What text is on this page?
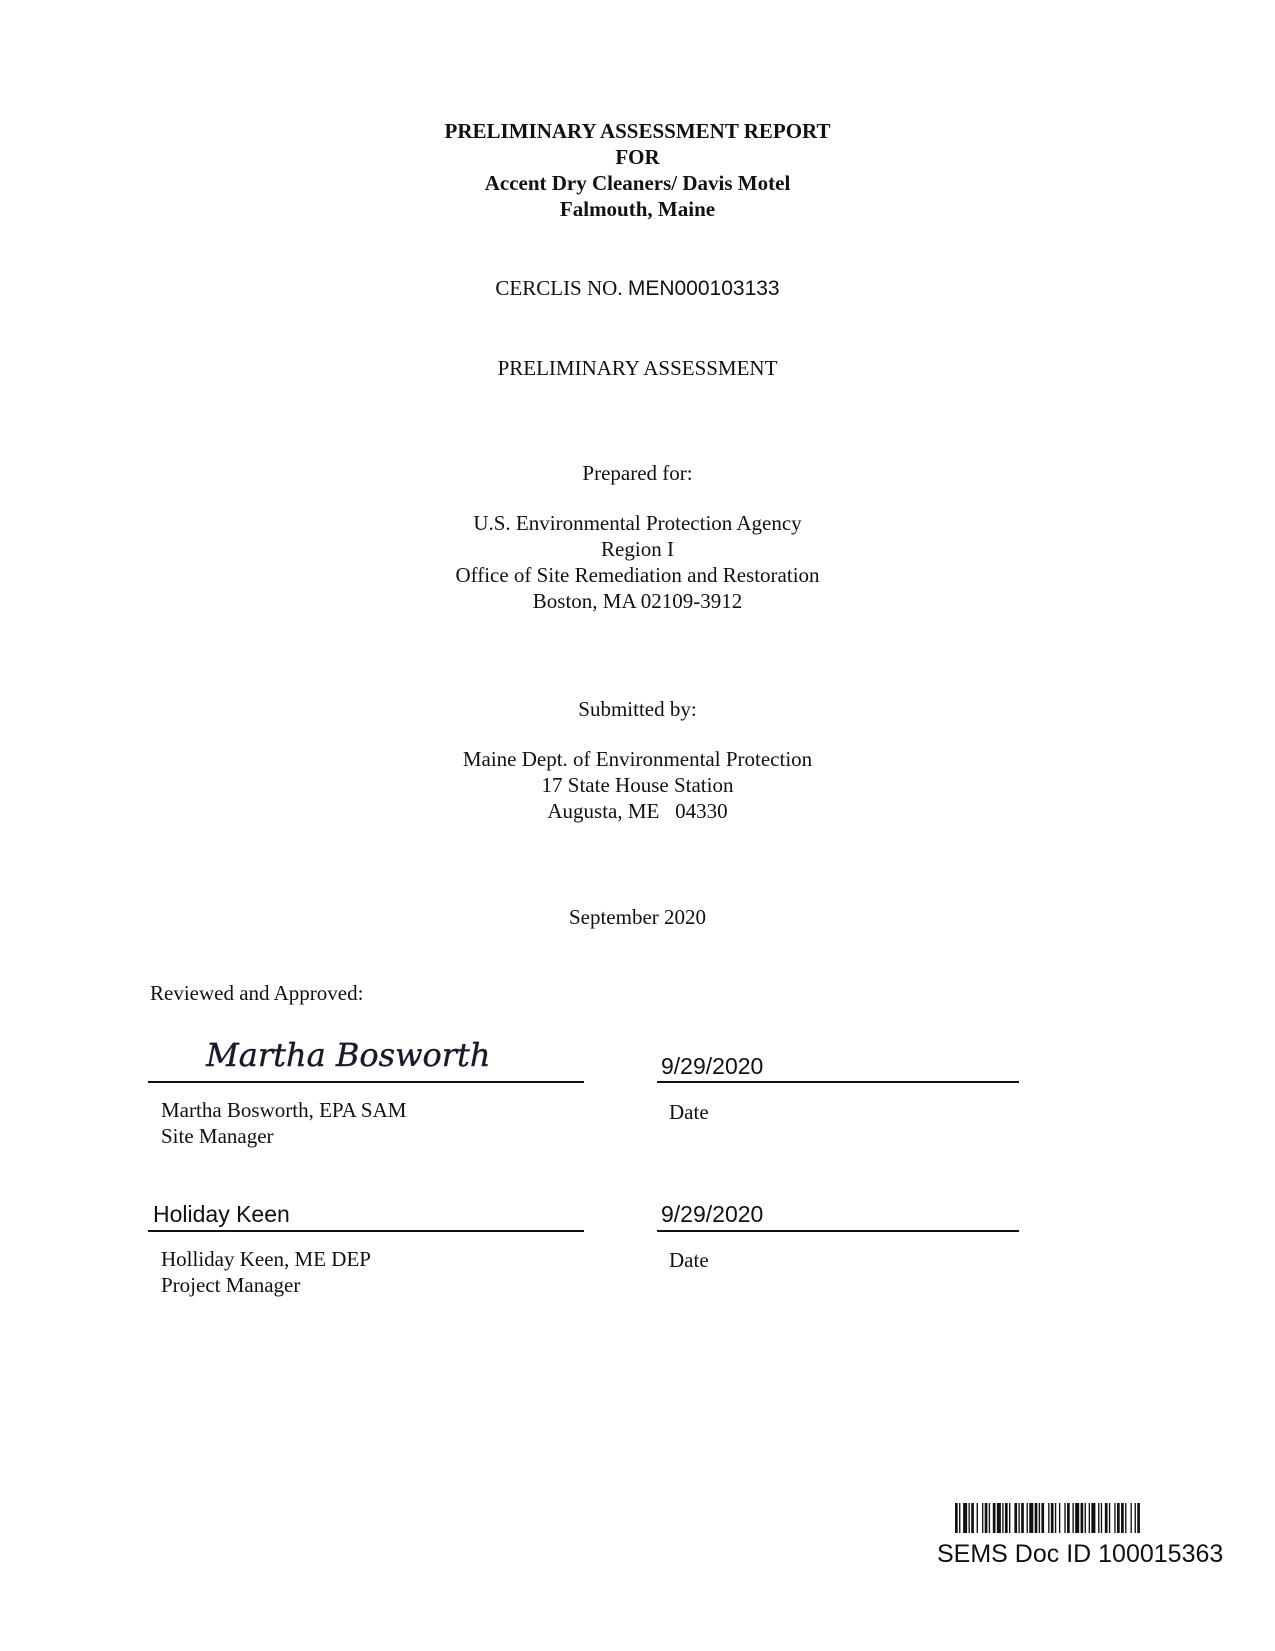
PRELIMINARY ASSESSMENT REPORT
FOR
Accent Dry Cleaners/ Davis Motel
Falmouth, Maine
CERCLIS NO. MEN000103133
PRELIMINARY ASSESSMENT
Prepared for:
U.S. Environmental Protection Agency
Region I
Office of Site Remediation and Restoration
Boston, MA 02109-3912
Submitted by:
Maine Dept. of Environmental Protection
17 State House Station
Augusta, ME   04330
September 2020
Reviewed and Approved:
Martha Bosworth	9/29/2020
Martha Bosworth, EPA SAM
Site Manager
Date
Holiday Keen	9/29/2020
Holliday Keen, ME DEP
Project Manager
Date
SEMS Doc ID 100015363
